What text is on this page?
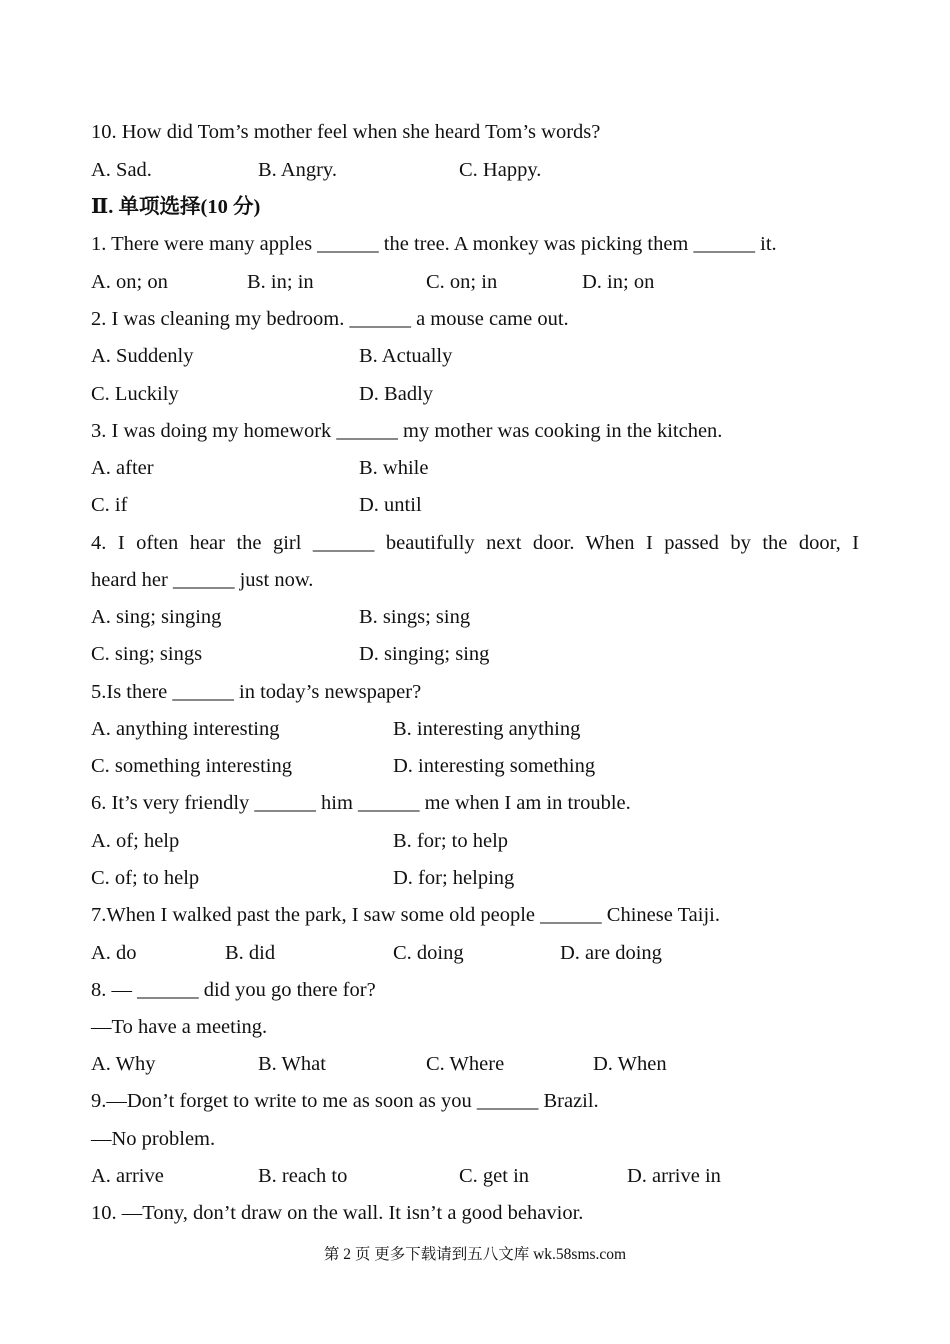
10. How did Tom’s mother feel when she heard Tom’s words?
A. Sad.	B. Angry.	C. Happy.
Ⅱ. 单项选择(10 分)
1. There were many apples ______ the tree. A monkey was picking them ______ it.
A. on; on	B. in; in	C. on; in	D. in; on
2. I was cleaning my bedroom. ______ a mouse came out.
A. Suddenly	B. Actually
C. Luckily	D. Badly
3. I was doing my homework ______ my mother was cooking in the kitchen.
A. after	B. while
C. if	D. until
4. I often hear the girl ______ beautifully next door. When I passed by the door, I
heard her ______ just now.
A. sing; singing	B. sings; sing
C. sing; sings	D. singing; sing
5.Is there ______ in today’s newspaper?
A. anything interesting	B. interesting anything
C. something interesting	D. interesting something
6. It’s very friendly ______ him ______ me when I am in trouble.
A. of; help	B. for; to help
C. of; to help	D. for; helping
7.When I walked past the park, I saw some old people ______ Chinese Taiji.
A. do	B. did	C. doing	D. are doing
8. — ______ did you go there for?
—To have a meeting.
A. Why	B. What	C. Where	D. When
9.—Don’t forget to write to me as soon as you ______ Brazil.
—No problem.
A. arrive	B. reach to	C. get in	D. arrive in
10. —Tony, don’t draw on the wall. It isn’t a good behavior.
第 2 页 更多下载请到五八文库 wk.58sms.com
